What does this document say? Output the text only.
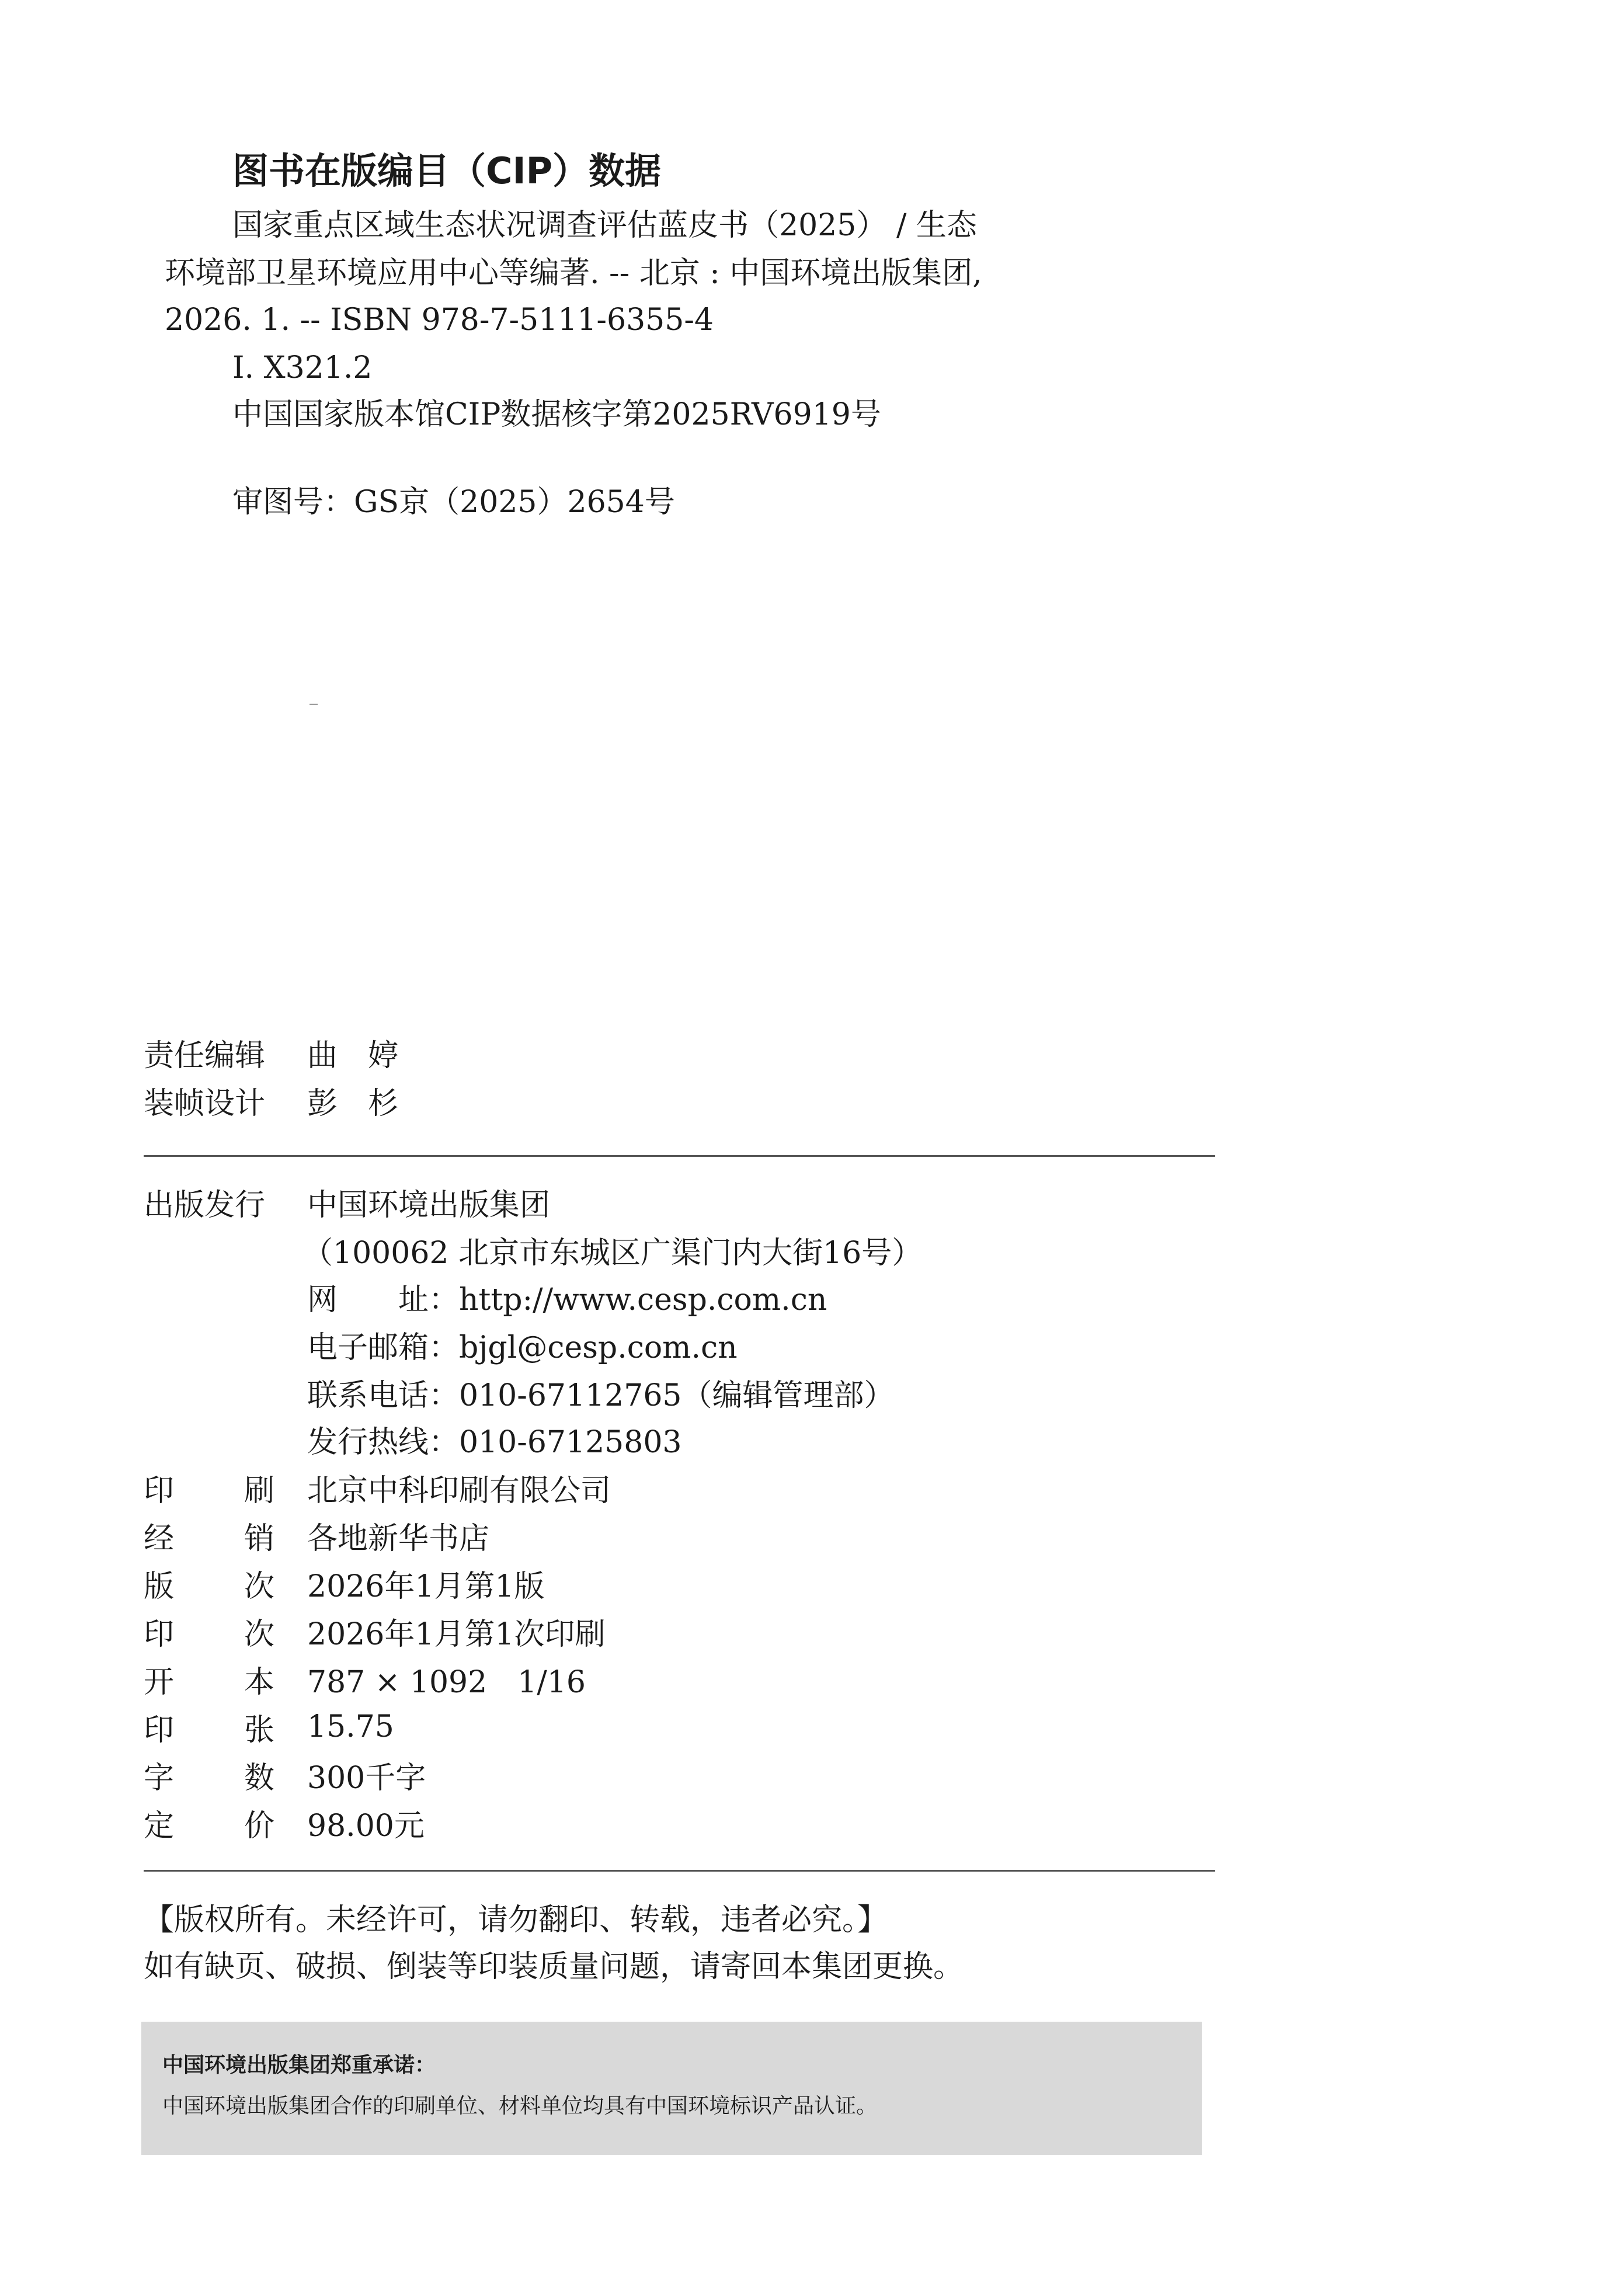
图书在版编目（CIP）数据
国家重点区域生态状况调查评估蓝皮书（2025） / 生态
环境部卫星环境应用中心等编著. -- 北京 : 中国环境出版集团,
2026. 1. -- ISBN 978-7-5111-6355-4
Ⅰ. X321.2
中国国家版本馆CIP数据核字第2025RV6919号
审图号：GS京（2025）2654号
责任编辑 曲　婷
装帧设计 彭　杉
出版发行 中国环境出版集团
（100062 北京市东城区广渠门内大街16号）
网　　址：http://www.cesp.com.cn
电子邮箱：bjgl@cesp.com.cn
联系电话：010-67112765（编辑管理部）
发行热线：010-67125803
印 刷 北京中科印刷有限公司
经 销 各地新华书店
版 次 2026年1月第1版
印 次 2026年1月第1次印刷
开 本 787 × 1092　1/16
印 张 15.75
字 数 300千字
定 价 98.00元
【版权所有。未经许可，请勿翻印、转载，违者必究。】
如有缺页、破损、倒装等印装质量问题，请寄回本集团更换。
中国环境出版集团郑重承诺：
中国环境出版集团合作的印刷单位、材料单位均具有中国环境标识产品认证。
